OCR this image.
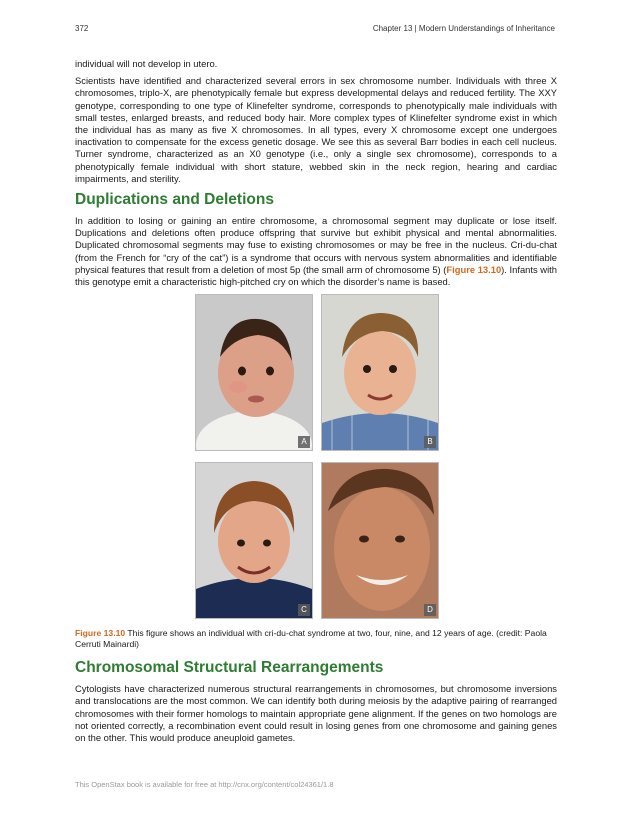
372	Chapter 13 | Modern Understandings of Inheritance

individual will not develop in utero.

Scientists have identified and characterized several errors in sex chromosome number. Individuals with three X chromosomes, triplo-X, are phenotypically female but express developmental delays and reduced fertility. The XXY genotype, corresponding to one type of Klinefelter syndrome, corresponds to phenotypically male individuals with small testes, enlarged breasts, and reduced body hair. More complex types of Klinefelter syndrome exist in which the individual has as many as five X chromosomes. In all types, every X chromosome except one undergoes inactivation to compensate for the excess genetic dosage. We see this as several Barr bodies in each cell nucleus. Turner syndrome, characterized as an X0 genotype (i.e., only a single sex chromosome), corresponds to a phenotypically female individual with short stature, webbed skin in the neck region, hearing and cardiac impairments, and sterility.

Duplications and Deletions

In addition to losing or gaining an entire chromosome, a chromosomal segment may duplicate or lose itself. Duplications and deletions often produce offspring that survive but exhibit physical and mental abnormalities. Duplicated chromosomal segments may fuse to existing chromosomes or may be free in the nucleus. Cri-du-chat (from the French for “cry of the cat”) is a syndrome that occurs with nervous system abnormalities and identifiable physical features that result from a deletion of most 5p (the small arm of chromosome 5) (Figure 13.10). Infants with this genotype emit a characteristic high-pitched cry on which the disorder’s name is based.

A	B
C	D

Figure 13.10 This figure shows an individual with cri-du-chat syndrome at two, four, nine, and 12 years of age. (credit: Paola Cerruti Mainardi)

Chromosomal Structural Rearrangements

Cytologists have characterized numerous structural rearrangements in chromosomes, but chromosome inversions and translocations are the most common. We can identify both during meiosis by the adaptive pairing of rearranged chromosomes with their former homologs to maintain appropriate gene alignment. If the genes on two homologs are not oriented correctly, a recombination event could result in losing genes from one chromosome and gaining genes on the other. This would produce aneuploid gametes.

This OpenStax book is available for free at http://cnx.org/content/col24361/1.8
